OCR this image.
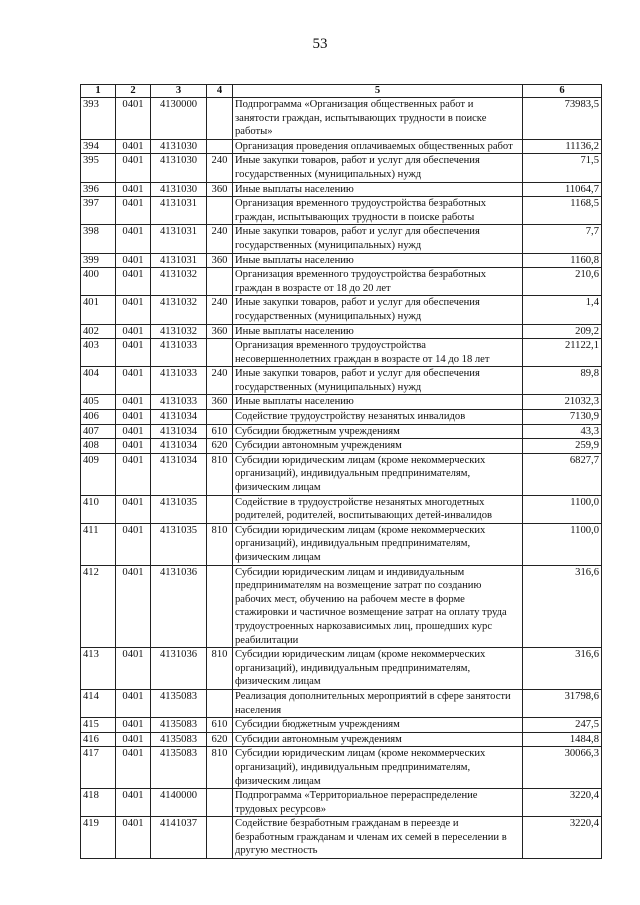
53
1	2	3	4	5	6
393	0401	4130000		Подпрограмма «Организация общественных работ и занятости граждан, испытывающих трудности в поиске работы»	73983,5
394	0401	4131030		Организация проведения оплачиваемых общественных работ	11136,2
395	0401	4131030	240	Иные закупки товаров, работ и услуг для обеспечения государственных (муниципальных) нужд	71,5
396	0401	4131030	360	Иные выплаты населению	11064,7
397	0401	4131031		Организация временного трудоустройства безработных граждан, испытывающих трудности в поиске работы	1168,5
398	0401	4131031	240	Иные закупки товаров, работ и услуг для обеспечения государственных (муниципальных) нужд	7,7
399	0401	4131031	360	Иные выплаты населению	1160,8
400	0401	4131032		Организация временного трудоустройства безработных граждан в возрасте от 18 до 20 лет	210,6
401	0401	4131032	240	Иные закупки товаров, работ и услуг для обеспечения государственных (муниципальных) нужд	1,4
402	0401	4131032	360	Иные выплаты населению	209,2
403	0401	4131033		Организация временного трудоустройства несовершеннолетних граждан в возрасте от 14 до 18 лет	21122,1
404	0401	4131033	240	Иные закупки товаров, работ и услуг для обеспечения государственных (муниципальных) нужд	89,8
405	0401	4131033	360	Иные выплаты населению	21032,3
406	0401	4131034		Содействие трудоустройству незанятых инвалидов	7130,9
407	0401	4131034	610	Субсидии бюджетным учреждениям	43,3
408	0401	4131034	620	Субсидии автономным учреждениям	259,9
409	0401	4131034	810	Субсидии юридическим лицам (кроме некоммерческих организаций), индивидуальным предпринимателям, физическим лицам	6827,7
410	0401	4131035		Содействие в трудоустройстве незанятых многодетных родителей, родителей, воспитывающих детей-инвалидов	1100,0
411	0401	4131035	810	Субсидии юридическим лицам (кроме некоммерческих организаций), индивидуальным предпринимателям, физическим лицам	1100,0
412	0401	4131036		Субсидии юридическим лицам и индивидуальным предпринимателям на возмещение затрат по созданию рабочих мест, обучению на рабочем месте в форме стажировки и частичное возмещение затрат на оплату труда трудоустроенных наркозависимых лиц, прошедших курс реабилитации	316,6
413	0401	4131036	810	Субсидии юридическим лицам (кроме некоммерческих организаций), индивидуальным предпринимателям, физическим лицам	316,6
414	0401	4135083		Реализация дополнительных мероприятий в сфере занятости населения	31798,6
415	0401	4135083	610	Субсидии бюджетным учреждениям	247,5
416	0401	4135083	620	Субсидии автономным учреждениям	1484,8
417	0401	4135083	810	Субсидии юридическим лицам (кроме некоммерческих организаций), индивидуальным предпринимателям, физическим лицам	30066,3
418	0401	4140000		Подпрограмма «Территориальное перераспределение трудовых ресурсов»	3220,4
419	0401	4141037		Содействие безработным гражданам в переезде и безработным гражданам и членам их семей в переселении в другую местность	3220,4
